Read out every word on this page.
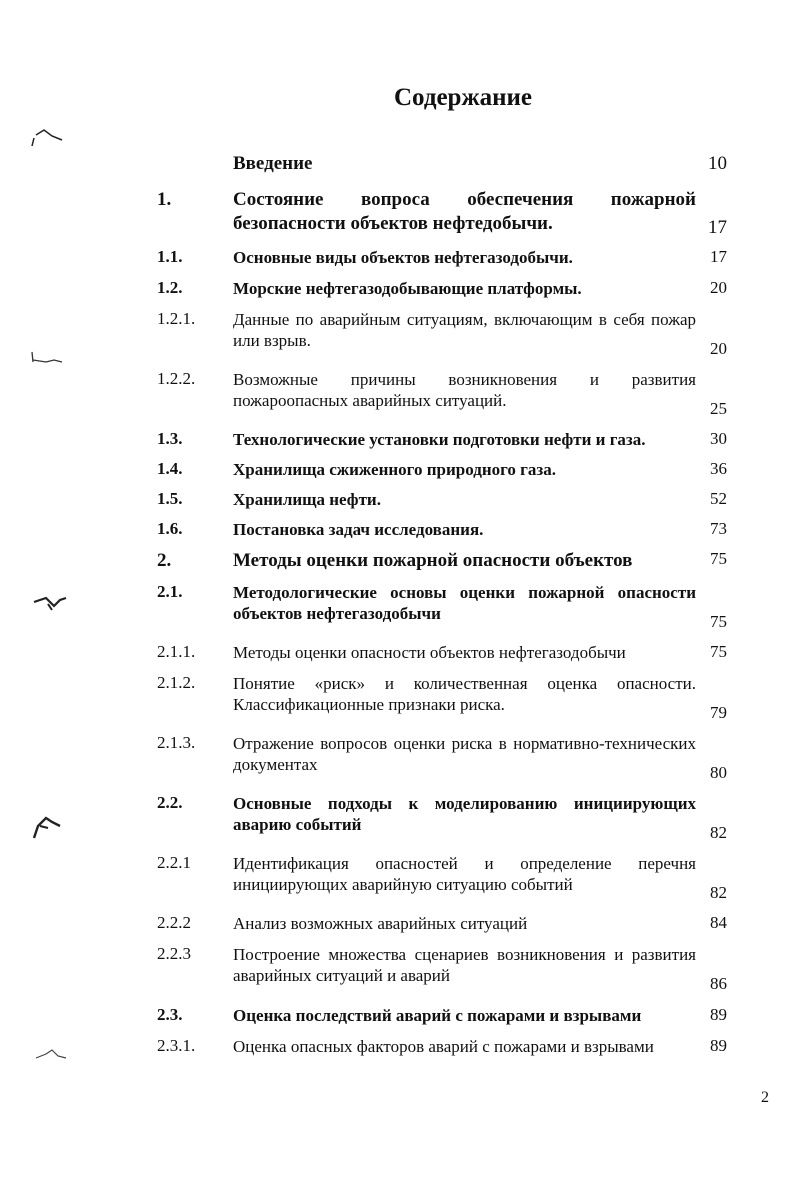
Содержание
Введение	10
1.	Состояние вопроса обеспечения пожарной безопасности объектов нефтедобычи.	17
1.1.	Основные виды объектов нефтегазодобычи.	17
1.2.	Морские нефтегазодобывающие платформы.	20
1.2.1. Данные по аварийным ситуациям, включающим в себя пожар или взрыв.	20
1.2.2. Возможные причины возникновения и развития пожароопасных аварийных ситуаций.	25
1.3.	Технологические установки подготовки нефти и газа.	30
1.4.	Хранилища сжиженного природного газа.	36
1.5.	Хранилища нефти.	52
1.6.	Постановка задач исследования.	73
2.	Методы оценки пожарной опасности объектов	75
2.1.	Методологические основы оценки пожарной опасности объектов нефтегазодобычи	75
2.1.1. Методы оценки опасности объектов нефтегазодобычи	75
2.1.2. Понятие «риск» и количественная оценка опасности. Классификационные признаки риска.	79
2.1.3. Отражение вопросов оценки риска в нормативно-технических документах	80
2.2.	Основные подходы к моделированию инициирующих аварию событий	82
2.2.1 Идентификация опасностей и определение перечня инициирующих аварийную ситуацию событий	82
2.2.2 Анализ возможных аварийных ситуаций	84
2.2.3 Построение множества сценариев возникновения и развития аварийных ситуаций и аварий	86
2.3.	Оценка последствий аварий с пожарами и взрывами	89
2.3.1. Оценка опасных факторов аварий с пожарами и взрывами	89
2
